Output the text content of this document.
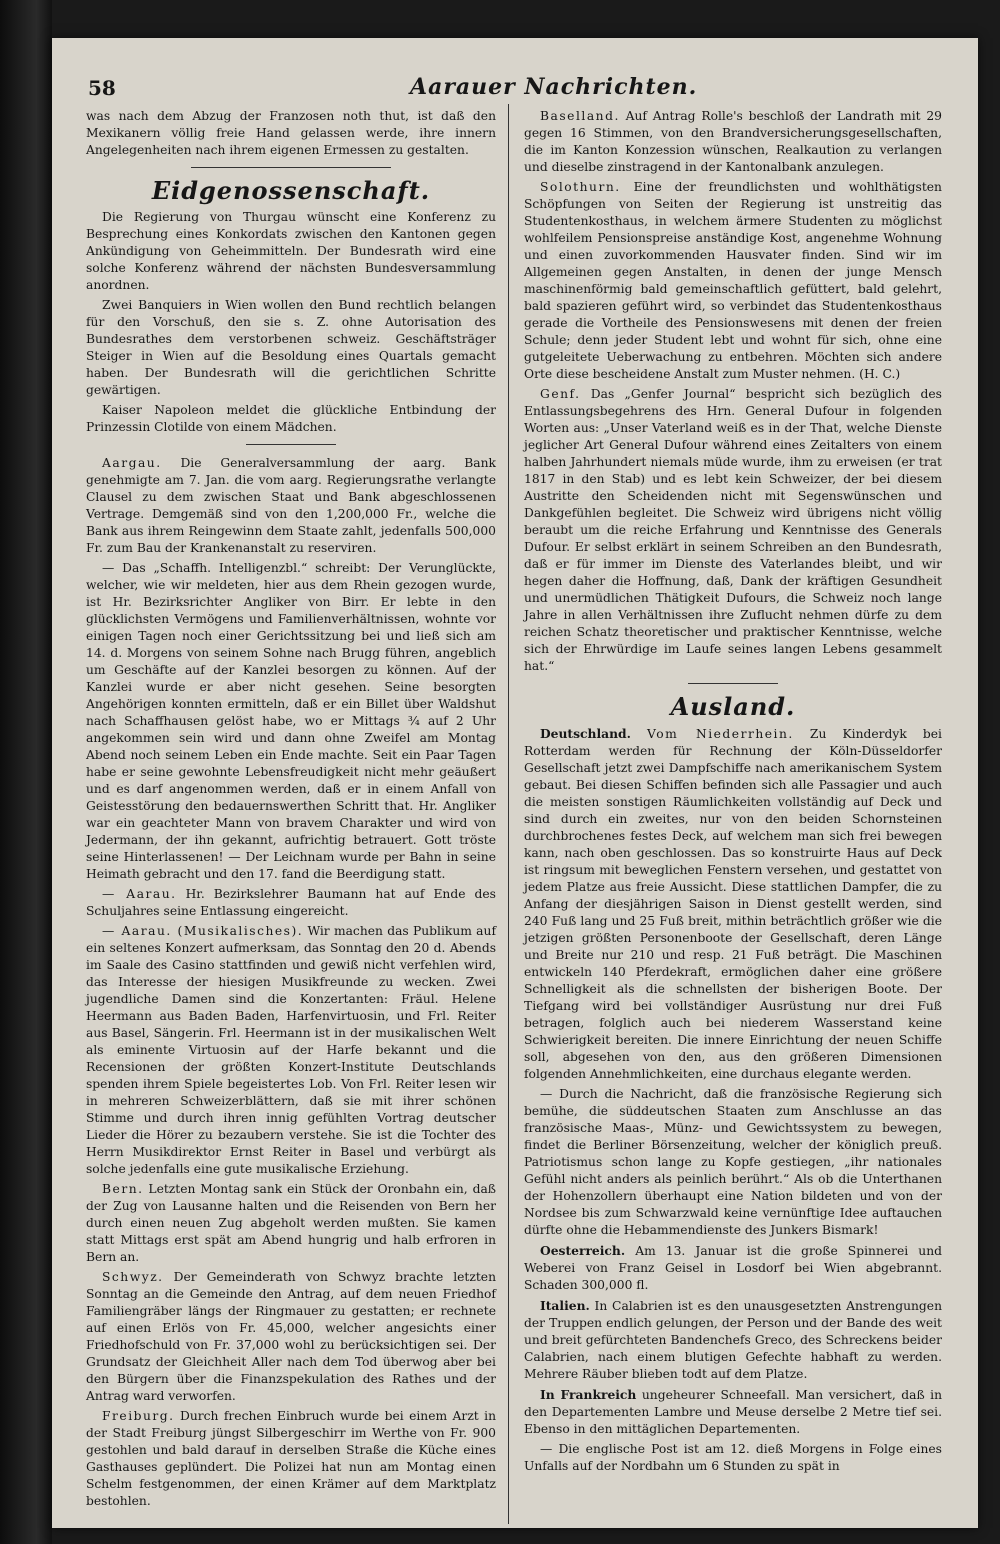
58	Aarauer Nachrichten.

was nach dem Abzug der Franzosen noth thut, ist daß den Mexikanern völlig freie Hand gelassen werde, ihre innern Angelegenheiten nach ihrem eigenen Ermessen zu gestalten.

Eidgenossenschaft.

Die Regierung von Thurgau wünscht eine Konferenz zu Besprechung eines Konkordats zwischen den Kantonen gegen Ankündigung von Geheimmitteln. Der Bundesrath wird eine solche Konferenz während der nächsten Bundesversammlung anordnen.

Zwei Banquiers in Wien wollen den Bund rechtlich belangen für den Vorschuß, den sie s. Z. ohne Autorisation des Bundesrathes dem verstorbenen schweiz. Geschäftsträger Steiger in Wien auf die Besoldung eines Quartals gemacht haben. Der Bundesrath will die gerichtlichen Schritte gewärtigen.

Kaiser Napoleon meldet die glückliche Entbindung der Prinzessin Clotilde von einem Mädchen.

Aargau. Die Generalversammlung der aarg. Bank genehmigte am 7. Jan. die vom aarg. Regierungsrathe verlangte Clausel zu dem zwischen Staat und Bank abgeschlossenen Vertrage. Demgemäß sind von den 1,200,000 Fr., welche die Bank aus ihrem Reingewinn dem Staate zahlt, jedenfalls 500,000 Fr. zum Bau der Krankenanstalt zu reserviren.

— Das „Schaffh. Intelligenzbl.“ schreibt: Der Verunglückte, welcher, wie wir meldeten, hier aus dem Rhein gezogen wurde, ist Hr. Bezirksrichter Angliker von Birr. Er lebte in den glücklichsten Vermögens und Familienverhältnissen, wohnte vor einigen Tagen noch einer Gerichtssitzung bei und ließ sich am 14. d. Morgens von seinem Sohne nach Brugg führen, angeblich um Geschäfte auf der Kanzlei besorgen zu können. Auf der Kanzlei wurde er aber nicht gesehen. Seine besorgten Angehörigen konnten ermitteln, daß er ein Billet über Waldshut nach Schaffhausen gelöst habe, wo er Mittags ¾ auf 2 Uhr angekommen sein wird und dann ohne Zweifel am Montag Abend noch seinem Leben ein Ende machte. Seit ein Paar Tagen habe er seine gewohnte Lebensfreudigkeit nicht mehr geäußert und es darf angenommen werden, daß er in einem Anfall von Geistesstörung den bedauernswerthen Schritt that. Hr. Angliker war ein geachteter Mann von bravem Charakter und wird von Jedermann, der ihn gekannt, aufrichtig betrauert. Gott tröste seine Hinterlassenen! — Der Leichnam wurde per Bahn in seine Heimath gebracht und den 17. fand die Beerdigung statt.

— Aarau. Hr. Bezirkslehrer Baumann hat auf Ende des Schuljahres seine Entlassung eingereicht.

— Aarau. (Musikalisches). Wir machen das Publikum auf ein seltenes Konzert aufmerksam, das Sonntag den 20 d. Abends im Saale des Casino stattfinden und gewiß nicht verfehlen wird, das Interesse der hiesigen Musikfreunde zu wecken. Zwei jugendliche Damen sind die Konzertanten: Fräul. Helene Heermann aus Baden Baden, Harfenvirtuosin, und Frl. Reiter aus Basel, Sängerin. Frl. Heermann ist in der musikalischen Welt als eminente Virtuosin auf der Harfe bekannt und die Recensionen der größten Konzert-Institute Deutschlands spenden ihrem Spiele begeistertes Lob. Von Frl. Reiter lesen wir in mehreren Schweizerblättern, daß sie mit ihrer schönen Stimme und durch ihren innig gefühlten Vortrag deutscher Lieder die Hörer zu bezaubern verstehe. Sie ist die Tochter des Herrn Musikdirektor Ernst Reiter in Basel und verbürgt als solche jedenfalls eine gute musikalische Erziehung.

Bern. Letzten Montag sank ein Stück der Oronbahn ein, daß der Zug von Lausanne halten und die Reisenden von Bern her durch einen neuen Zug abgeholt werden mußten. Sie kamen statt Mittags erst spät am Abend hungrig und halb erfroren in Bern an.

Schwyz. Der Gemeinderath von Schwyz brachte letzten Sonntag an die Gemeinde den Antrag, auf dem neuen Friedhof Familiengräber längs der Ringmauer zu gestatten; er rechnete auf einen Erlös von Fr. 45,000, welcher angesichts einer Friedhofschuld von Fr. 37,000 wohl zu berücksichtigen sei. Der Grundsatz der Gleichheit Aller nach dem Tod überwog aber bei den Bürgern über die Finanzspekulation des Rathes und der Antrag ward verworfen.

Freiburg. Durch frechen Einbruch wurde bei einem Arzt in der Stadt Freiburg jüngst Silbergeschirr im Werthe von Fr. 900 gestohlen und bald darauf in derselben Straße die Küche eines Gasthauses geplündert. Die Polizei hat nun am Montag einen Schelm festgenommen, der einen Krämer auf dem Marktplatz bestohlen.

Baselland. Auf Antrag Rolle's beschloß der Landrath mit 29 gegen 16 Stimmen, von den Brandversicherungsgesellschaften, die im Kanton Konzession wünschen, Realkaution zu verlangen und dieselbe zinstragend in der Kantonalbank anzulegen.

Solothurn. Eine der freundlichsten und wohlthätigsten Schöpfungen von Seiten der Regierung ist unstreitig das Studentenkosthaus, in welchem ärmere Studenten zu möglichst wohlfeilem Pensionspreise anständige Kost, angenehme Wohnung und einen zuvorkommenden Hausvater finden. Sind wir im Allgemeinen gegen Anstalten, in denen der junge Mensch maschinenförmig bald gemeinschaftlich gefüttert, bald gelehrt, bald spazieren geführt wird, so verbindet das Studentenkosthaus gerade die Vortheile des Pensionswesens mit denen der freien Schule; denn jeder Student lebt und wohnt für sich, ohne eine gutgeleitete Ueberwachung zu entbehren. Möchten sich andere Orte diese bescheidene Anstalt zum Muster nehmen. (H. C.)

Genf. Das „Genfer Journal“ bespricht sich bezüglich des Entlassungsbegehrens des Hrn. General Dufour in folgenden Worten aus: „Unser Vaterland weiß es in der That, welche Dienste jeglicher Art General Dufour während eines Zeitalters von einem halben Jahrhundert niemals müde wurde, ihm zu erweisen (er trat 1817 in den Stab) und es lebt kein Schweizer, der bei diesem Austritte den Scheidenden nicht mit Segenswünschen und Dankgefühlen begleitet. Die Schweiz wird übrigens nicht völlig beraubt um die reiche Erfahrung und Kenntnisse des Generals Dufour. Er selbst erklärt in seinem Schreiben an den Bundesrath, daß er für immer im Dienste des Vaterlandes bleibt, und wir hegen daher die Hoffnung, daß, Dank der kräftigen Gesundheit und unermüdlichen Thätigkeit Dufours, die Schweiz noch lange Jahre in allen Verhältnissen ihre Zuflucht nehmen dürfe zu dem reichen Schatz theoretischer und praktischer Kenntnisse, welche sich der Ehrwürdige im Laufe seines langen Lebens gesammelt hat.“

Ausland.

Deutschland. Vom Niederrhein. Zu Kinderdyk bei Rotterdam werden für Rechnung der Köln-Düsseldorfer Gesellschaft jetzt zwei Dampfschiffe nach amerikanischem System gebaut. Bei diesen Schiffen befinden sich alle Passagier und auch die meisten sonstigen Räumlichkeiten vollständig auf Deck und sind durch ein zweites, nur von den beiden Schornsteinen durchbrochenes festes Deck, auf welchem man sich frei bewegen kann, nach oben geschlossen. Das so konstruirte Haus auf Deck ist ringsum mit beweglichen Fenstern versehen, und gestattet von jedem Platze aus freie Aussicht. Diese stattlichen Dampfer, die zu Anfang der diesjährigen Saison in Dienst gestellt werden, sind 240 Fuß lang und 25 Fuß breit, mithin beträchtlich größer wie die jetzigen größten Personenboote der Gesellschaft, deren Länge und Breite nur 210 und resp. 21 Fuß beträgt. Die Maschinen entwickeln 140 Pferdekraft, ermöglichen daher eine größere Schnelligkeit als die schnellsten der bisherigen Boote. Der Tiefgang wird bei vollständiger Ausrüstung nur drei Fuß betragen, folglich auch bei niederem Wasserstand keine Schwierigkeit bereiten. Die innere Einrichtung der neuen Schiffe soll, abgesehen von den, aus den größeren Dimensionen folgenden Annehmlichkeiten, eine durchaus elegante werden.

— Durch die Nachricht, daß die französische Regierung sich bemühe, die süddeutschen Staaten zum Anschlusse an das französische Maas-, Münz- und Gewichtssystem zu bewegen, findet die Berliner Börsenzeitung, welcher der königlich preuß. Patriotismus schon lange zu Kopfe gestiegen, „ihr nationales Gefühl nicht anders als peinlich berührt.“ Als ob die Unterthanen der Hohenzollern überhaupt eine Nation bildeten und von der Nordsee bis zum Schwarzwald keine vernünftige Idee auftauchen dürfte ohne die Hebammendienste des Junkers Bismark!

Oesterreich. Am 13. Januar ist die große Spinnerei und Weberei von Franz Geisel in Losdorf bei Wien abgebrannt. Schaden 300,000 fl.

Italien. In Calabrien ist es den unausgesetzten Anstrengungen der Truppen endlich gelungen, der Person und der Bande des weit und breit gefürchteten Bandenchefs Greco, des Schreckens beider Calabrien, nach einem blutigen Gefechte habhaft zu werden. Mehrere Räuber blieben todt auf dem Platze.

In Frankreich ungeheurer Schneefall. Man versichert, daß in den Departementen Lambre und Meuse derselbe 2 Metre tief sei. Ebenso in den mittäglichen Departementen.

— Die englische Post ist am 12. dieß Morgens in Folge eines Unfalls auf der Nordbahn um 6 Stunden zu spät in
